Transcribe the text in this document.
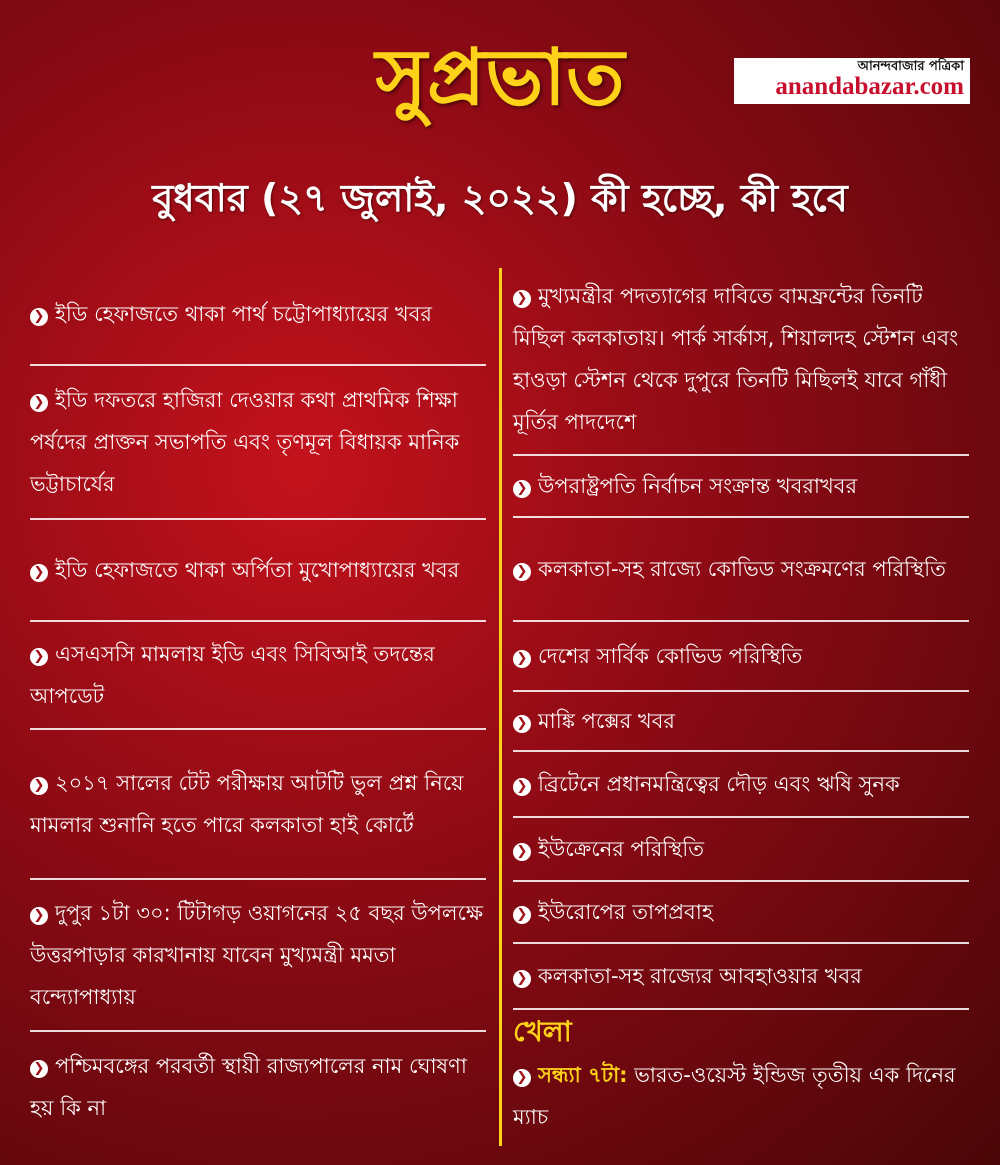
সুপ্রভাত	আনন্দবাজার পত্রিকা
anandabazar.com
বুধবার (২৭ জুলাই, ২০২২) কী হচ্ছে, কী হবে
❯ ইডি হেফাজতে থাকা পার্থ চট্টোপাধ্যায়ের খবর
❯ ইডি দফতরে হাজিরা দেওয়ার কথা প্রাথমিক শিক্ষা পর্ষদের প্রাক্তন সভাপতি এবং তৃণমূল বিধায়ক মানিক ভট্টাচার্যের
❯ ইডি হেফাজতে থাকা অর্পিতা মুখোপাধ্যায়ের খবর
❯ এসএসসি মামলায় ইডি এবং সিবিআই তদন্তের আপডেট
❯ ২০১৭ সালের টেট পরীক্ষায় আটটি ভুল প্রশ্ন নিয়ে মামলার শুনানি হতে পারে কলকাতা হাই কোর্টে
❯ দুপুর ১টা ৩০: টিটাগড় ওয়াগনের ২৫ বছর উপলক্ষে উত্তরপাড়ার কারখানায় যাবেন মুখ্যমন্ত্রী মমতা বন্দ্যোপাধ্যায়
❯ পশ্চিমবঙ্গের পরবর্তী স্থায়ী রাজ্যপালের নাম ঘোষণা হয় কি না
❯ মুখ্যমন্ত্রীর পদত্যাগের দাবিতে বামফ্রন্টের তিনটি মিছিল কলকাতায়। পার্ক সার্কাস, শিয়ালদহ স্টেশন এবং হাওড়া স্টেশন থেকে দুপুরে তিনটি মিছিলই যাবে গাঁধী মূর্তির পাদদেশে
❯ উপরাষ্ট্রপতি নির্বাচন সংক্রান্ত খবরাখবর
❯ কলকাতা-সহ রাজ্যে কোভিড সংক্রমণের পরিস্থিতি
❯ দেশের সার্বিক কোভিড পরিস্থিতি
❯ মাঙ্কি পক্সের খবর
❯ ব্রিটেনে প্রধানমন্ত্রিত্বের দৌড় এবং ঋষি সুনক
❯ ইউক্রেনের পরিস্থিতি
❯ ইউরোপের তাপপ্রবাহ
❯ কলকাতা-সহ রাজ্যের আবহাওয়ার খবর
খেলা
❯ সন্ধ্যা ৭টা: ভারত-ওয়েস্ট ইন্ডিজ তৃতীয় এক দিনের ম্যাচ
